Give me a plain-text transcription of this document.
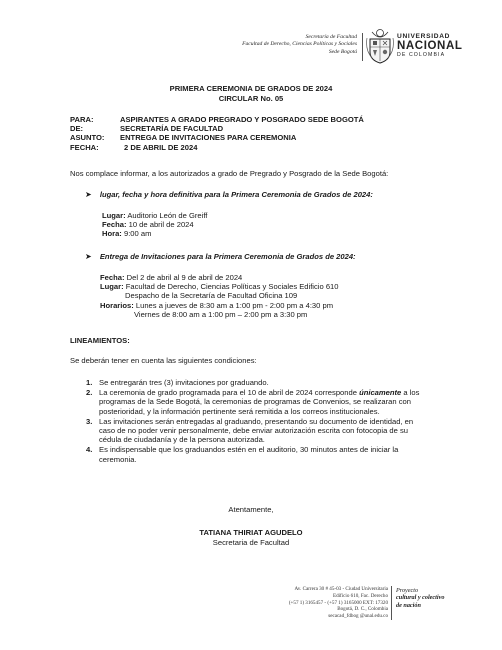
Secretaría de Facultad
Facultad de Derecho, Ciencias Políticas y Sociales
Sede Bogotá
UNIVERSIDAD
NACIONAL
DE COLOMBIA
PRIMERA CEREMONIA DE GRADOS DE 2024
CIRCULAR No. 05
PARA:	ASPIRANTES A GRADO PREGRADO Y POSGRADO SEDE BOGOTÁ
DE:	SECRETARÍA DE FACULTAD
ASUNTO:	ENTREGA DE INVITACIONES PARA CEREMONIA
FECHA:	2 DE ABRIL DE 2024
Nos complace informar, a los autorizados a grado de Pregrado y Posgrado de la Sede Bogotá:
➤ lugar, fecha y hora definitiva para la Primera Ceremonia de Grados de 2024:
Lugar: Auditorio León de Greiff
Fecha: 10 de abril de 2024
Hora: 9:00 am
➤ Entrega de Invitaciones para la Primera Ceremonia de Grados de 2024:
Fecha: Del 2 de abril al 9 de abril de 2024
Lugar: Facultad de Derecho, Ciencias Políticas y Sociales Edificio 610
Despacho de la Secretaría de Facultad Oficina 109
Horarios: Lunes a jueves de 8:30 am a 1:00 pm - 2:00 pm a 4:30 pm
Viernes de 8:00 am a 1:00 pm – 2:00 pm a 3:30 pm
LINEAMIENTOS:
Se deberán tener en cuenta las siguientes condiciones:
1. Se entregarán tres (3) invitaciones por graduando.
2. La ceremonia de grado programada para el 10 de abril de 2024 corresponde únicamente a los programas de la Sede Bogotá, la ceremonias de programas de Convenios, se realizaran con posterioridad, y la información pertinente será remitida a los correos institucionales.
3. Las invitaciones serán entregadas al graduando, presentando su documento de identidad, en caso de no poder venir personalmente, debe enviar autorización escrita con fotocopia de su cédula de ciudadanía y de la persona autorizada.
4. Es indispensable que los graduandos estén en el auditorio, 30 minutos antes de iniciar la ceremonia.
Atentamente,
TATIANA THIRIAT AGUDELO
Secretaria de Facultad
Av. Carrera 30 # 45-03 - Ciudad Universitaria
Edificio 610, Fac. Derecho
(+57 1) 3165457 - (+57 1) 3165000 EXT: 17320
Bogotá, D. C., Colombia
secacad_fdbog @unal.edu.co
Proyecto
cultural y colectivo
de nación
